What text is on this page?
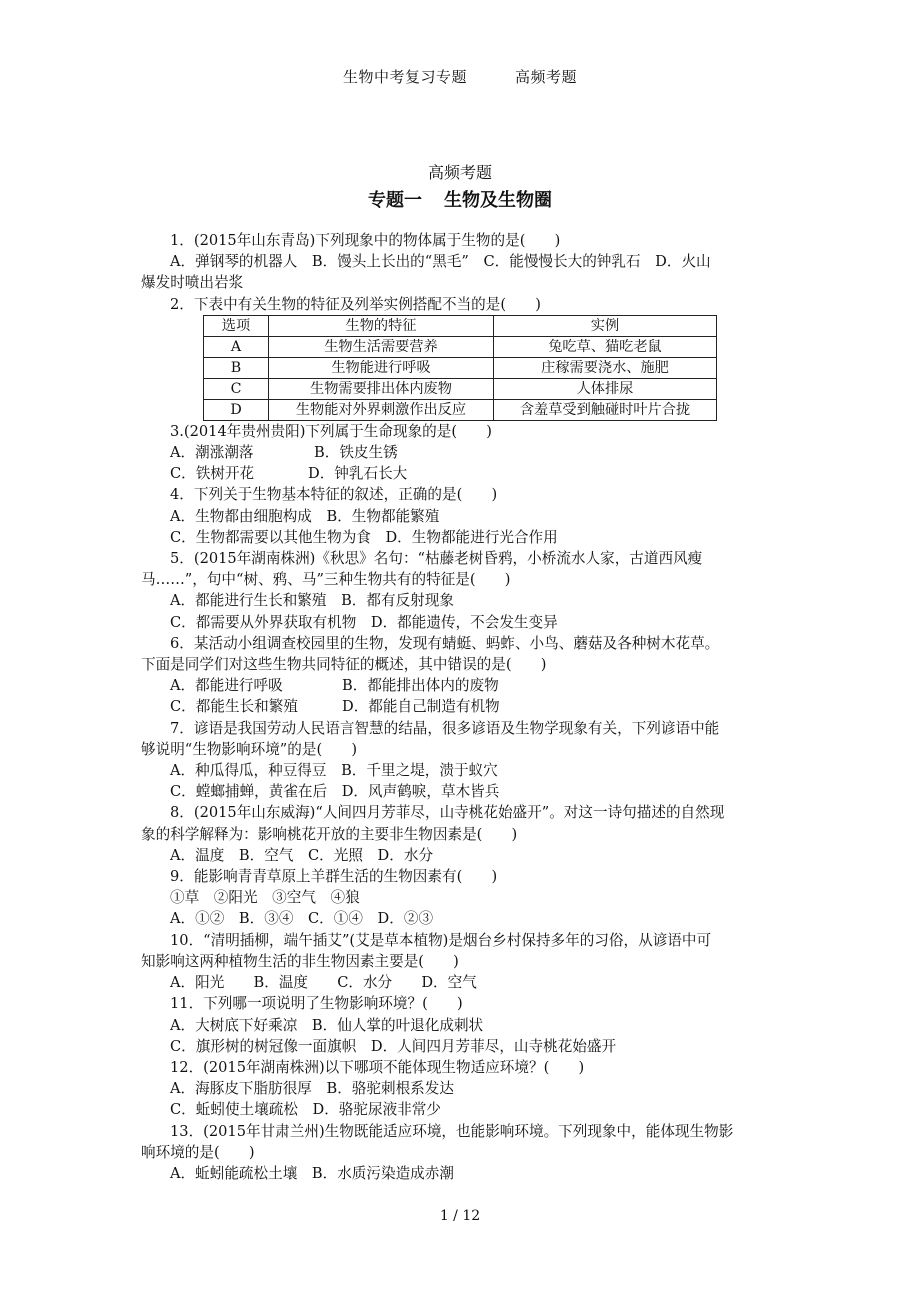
生物中考复习专题	高频考题
高频考题
专题一 生物及生物圈

1．(2015年山东青岛)下列现象中的物体属于生物的是(　　)

A．弹钢琴的机器人　B．馒头上长出的“黑毛”　C．能慢慢长大的钟乳石　D．火山

爆发时喷出岩浆

2．下表中有关生物的特征及列举实例搭配不当的是(　　)

选项	生物的特征	实例
A	生物生活需要营养	兔吃草、猫吃老鼠
B	生物能进行呼吸	庄稼需要浇水、施肥
C	生物需要排出体内废物	人体排尿
D	生物能对外界刺激作出反应	含羞草受到触碰时叶片合拢

3.(2014年贵州贵阳)下列属于生命现象的是(　　)

A．潮涨潮落	B．铁皮生锈

C．铁树开花	D．钟乳石长大

4．下列关于生物基本特征的叙述，正确的是(　　)

A．生物都由细胞构成　B．生物都能繁殖

C．生物都需要以其他生物为食　D．生物都能进行光合作用

5．(2015年湖南株洲)《秋思》名句：“枯藤老树昏鸦，小桥流水人家，古道西风瘦

马……”，句中“树、鸦、马”三种生物共有的特征是(　　)

A．都能进行生长和繁殖　B．都有反射现象

C．都需要从外界获取有机物　D．都能遗传，不会发生变异

6．某活动小组调查校园里的生物，发现有蜻蜓、蚂蚱、小鸟、蘑菇及各种树木花草。

下面是同学们对这些生物共同特征的概述，其中错误的是(　　)

A．都能进行呼吸	B．都能排出体内的废物

C．都能生长和繁殖	D．都能自己制造有机物

7．谚语是我国劳动人民语言智慧的结晶，很多谚语及生物学现象有关，下列谚语中能

够说明“生物影响环境”的是(　　)

A．种瓜得瓜，种豆得豆　B．千里之堤，溃于蚁穴

C．螳螂捕蝉，黄雀在后　D．风声鹤唳，草木皆兵

8．(2015年山东威海)“人间四月芳菲尽，山寺桃花始盛开”。对这一诗句描述的自然现

象的科学解释为：影响桃花开放的主要非生物因素是(　　)

A．温度　B．空气　C．光照　D．水分

9．能影响青青草原上羊群生活的生物因素有(　　)

①草　②阳光　③空气　④狼

A．①②　B．③④　C．①④　D．②③

10．“清明插柳，端午插艾”(艾是草本植物)是烟台乡村保持多年的习俗，从谚语中可

知影响这两种植物生活的非生物因素主要是(　　)

A．阳光　　B．温度　　C．水分　　D．空气

11．下列哪一项说明了生物影响环境？(　　)

A．大树底下好乘凉　B．仙人掌的叶退化成刺状

C．旗形树的树冠像一面旗帜　D．人间四月芳菲尽，山寺桃花始盛开

12．(2015年湖南株洲)以下哪项不能体现生物适应环境？(　　)

A．海豚皮下脂肪很厚　B．骆驼刺根系发达

C．蚯蚓使土壤疏松　D．骆驼尿液非常少

13．(2015年甘肃兰州)生物既能适应环境，也能影响环境。下列现象中，能体现生物影

响环境的是(　　)

A．蚯蚓能疏松土壤　B．水质污染造成赤潮

1 / 12
